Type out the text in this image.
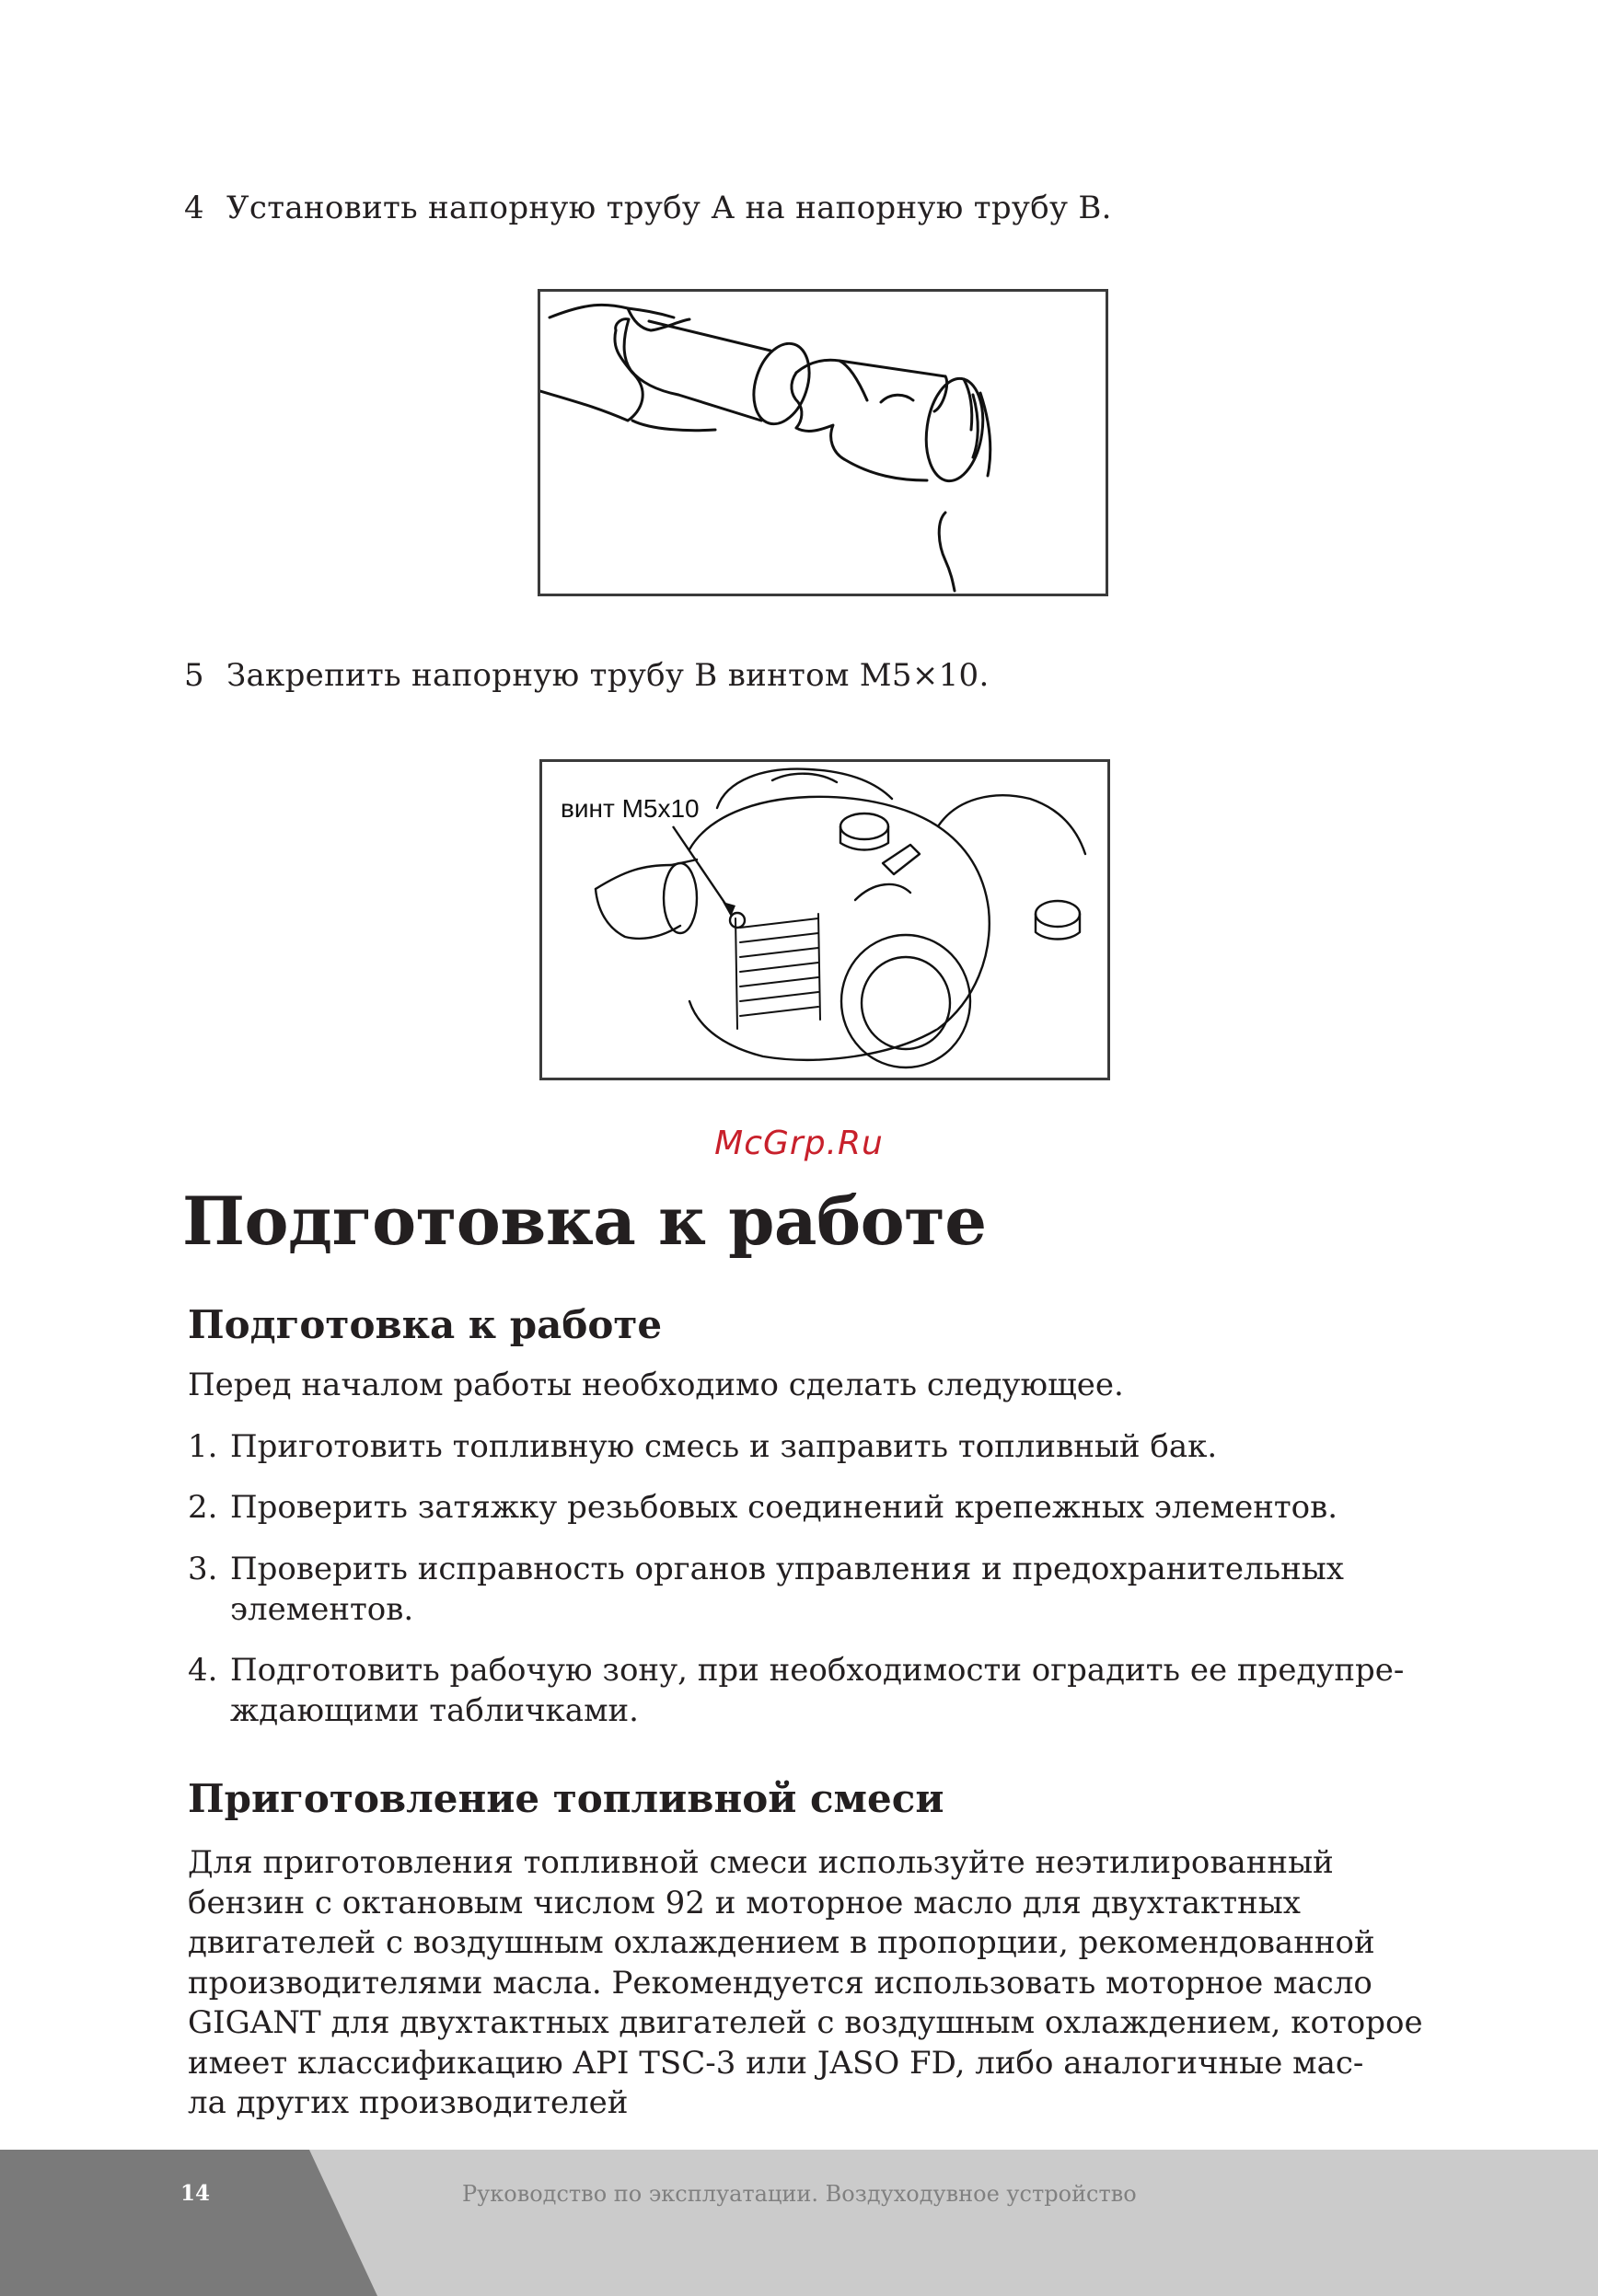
4 Установить напорную трубу А на напорную трубу В.
5 Закрепить напорную трубу В винтом М5×10.
винт М5х10
McGrp.Ru
Подготовка к работе
Подготовка к работе
Перед началом работы необходимо сделать следующее.
1. Приготовить топливную смесь и заправить топливный бак.
2. Проверить затяжку резьбовых соединений крепежных элементов.
3. Проверить исправность органов управления и предохранительных
элементов.
4. Подготовить рабочую зону, при необходимости оградить ее предупре-
ждающими табличками.
Приготовление топливной смеси
Для приготовления топливной смеси используйте неэтилированный
бензин с октановым числом 92 и моторное масло для двухтактных
двигателей с воздушным охлаждением в пропорции, рекомендованной
производителями масла. Рекомендуется использовать моторное масло
GIGANT для двухтактных двигателей с воздушным охлаждением, которое
имеет классификацию API TSC-3 или JASO FD, либо аналогичные мас-
ла других производителей
14	Руководство по эксплуатации. Воздуходувное устройство
